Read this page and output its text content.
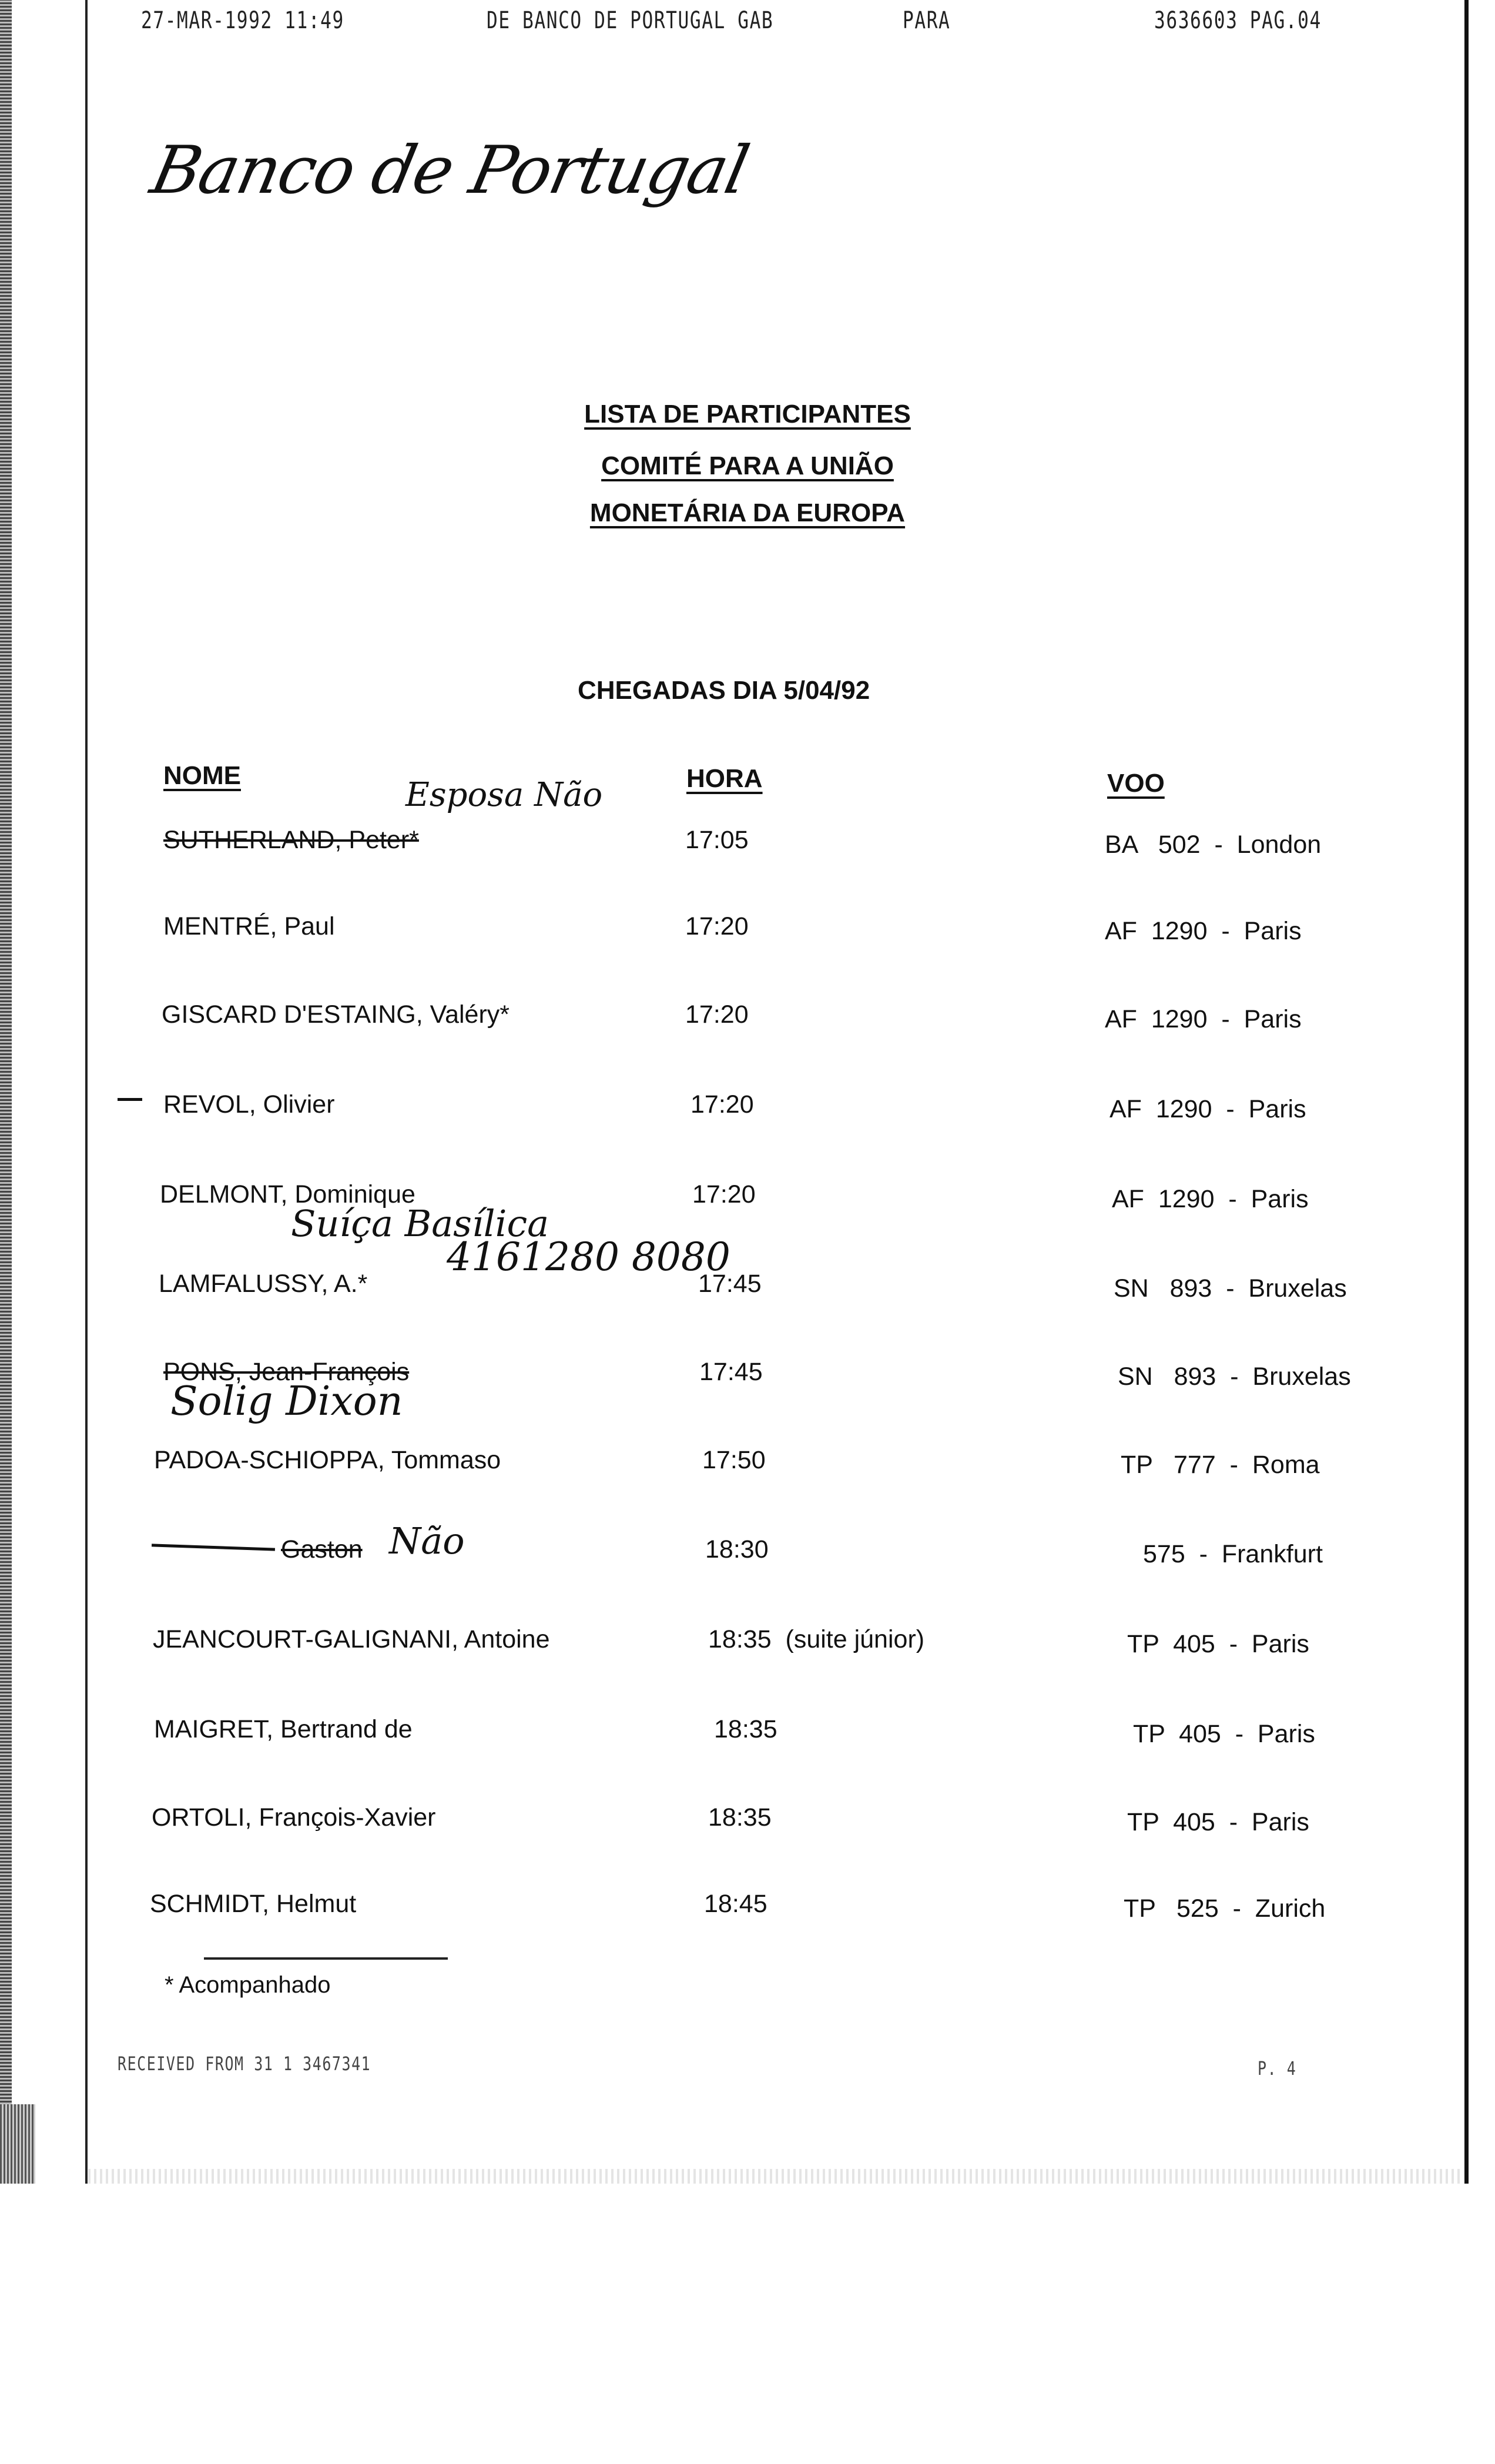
27-MAR-1992 11:49	DE BANCO DE PORTUGAL GAB	PARA	3636603 PAG.04
Banco de Portugal
LISTA DE PARTICIPANTES
COMITÉ PARA A UNIÃO
MONETÁRIA DA EUROPA
CHEGADAS DIA 5/04/92
NOME	HORA	VOO
SUTHERLAND, Peter*	17:05	BA   502  -  London
MENTRÉ, Paul	17:20	AF  1290  -  Paris
GISCARD D'ESTAING, Valéry*	17:20	AF  1290  -  Paris
REVOL, Olivier	17:20	AF  1290  -  Paris
DELMONT, Dominique	17:20	AF  1290  -  Paris
LAMFALUSSY, A.*	17:45	SN   893  -  Bruxelas
PONS, Jean-François	17:45	SN   893  -  Bruxelas
PADOA-SCHIOPPA, Tommaso	17:50	TP   777  -  Roma
Gaston	18:30	575  -  Frankfurt
JEANCOURT-GALIGNANI, Antoine	18:35  (suite júnior)	TP  405  -  Paris
MAIGRET, Bertrand de	18:35	TP  405  -  Paris
ORTOLI, François-Xavier	18:35	TP  405  -  Paris
SCHMIDT, Helmut	18:45	TP   525  -  Zurich
Esposa Não
Suíça Basílica
4161280 8080
Solig Dixon
Não
* Acompanhado
RECEIVED FROM 31 1 3467341	P. 4
